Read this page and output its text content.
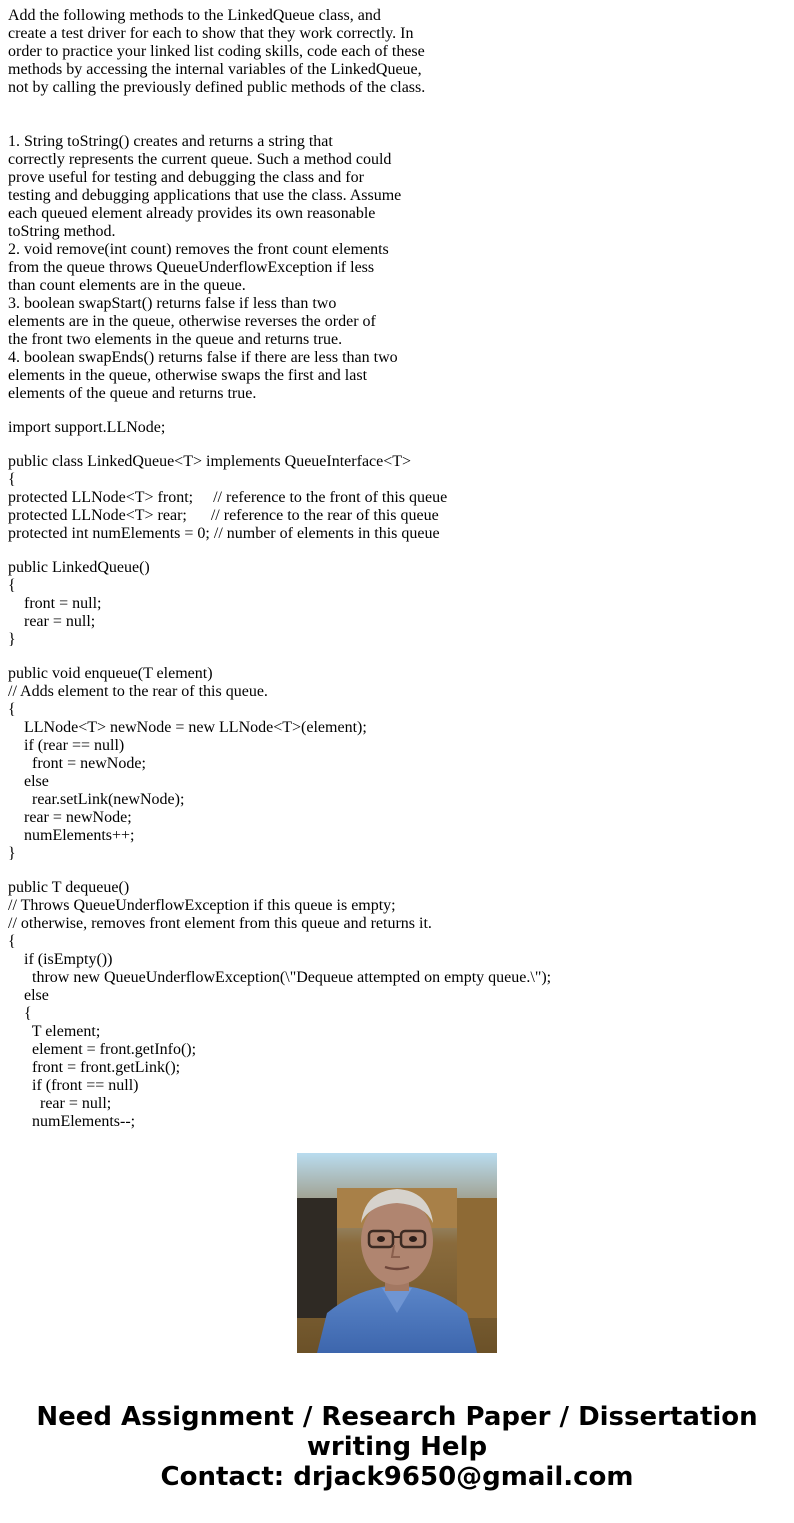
Add the following methods to the LinkedQueue class, and
create a test driver for each to show that they work correctly. In
order to practice your linked list coding skills, code each of these
methods by accessing the internal variables of the LinkedQueue,
not by calling the previously defined public methods of the class.

1. String toString() creates and returns a string that
correctly represents the current queue. Such a method could
prove useful for testing and debugging the class and for
testing and debugging applications that use the class. Assume
each queued element already provides its own reasonable
toString method.
2. void remove(int count) removes the front count elements
from the queue throws QueueUnderflowException if less
than count elements are in the queue.
3. boolean swapStart() returns false if less than two
elements are in the queue, otherwise reverses the order of
the front two elements in the queue and returns true.
4. boolean swapEnds() returns false if there are less than two
elements in the queue, otherwise swaps the first and last
elements of the queue and returns true.

import support.LLNode;
public class LinkedQueue<T> implements QueueInterface<T>
{
protected LLNode<T> front;     // reference to the front of this queue
protected LLNode<T> rear;      // reference to the rear of this queue
protected int numElements = 0; // number of elements in this queue
public LinkedQueue()
{
front = null;
rear = null;
}
public void enqueue(T element)
// Adds element to the rear of this queue.
{
LLNode<T> newNode = new LLNode<T>(element);
if (rear == null)
front = newNode;
else
rear.setLink(newNode);
rear = newNode;
numElements++;
}
public T dequeue()
// Throws QueueUnderflowException if this queue is empty;
// otherwise, removes front element from this queue and returns it.
{
if (isEmpty())
throw new QueueUnderflowException(\"Dequeue attempted on empty queue.\");
else
{
T element;
element = front.getInfo();
front = front.getLink();
if (front == null)
rear = null;
numElements--;
Need Assignment / Research Paper / Dissertation
writing Help
Contact: drjack9650@gmail.com
